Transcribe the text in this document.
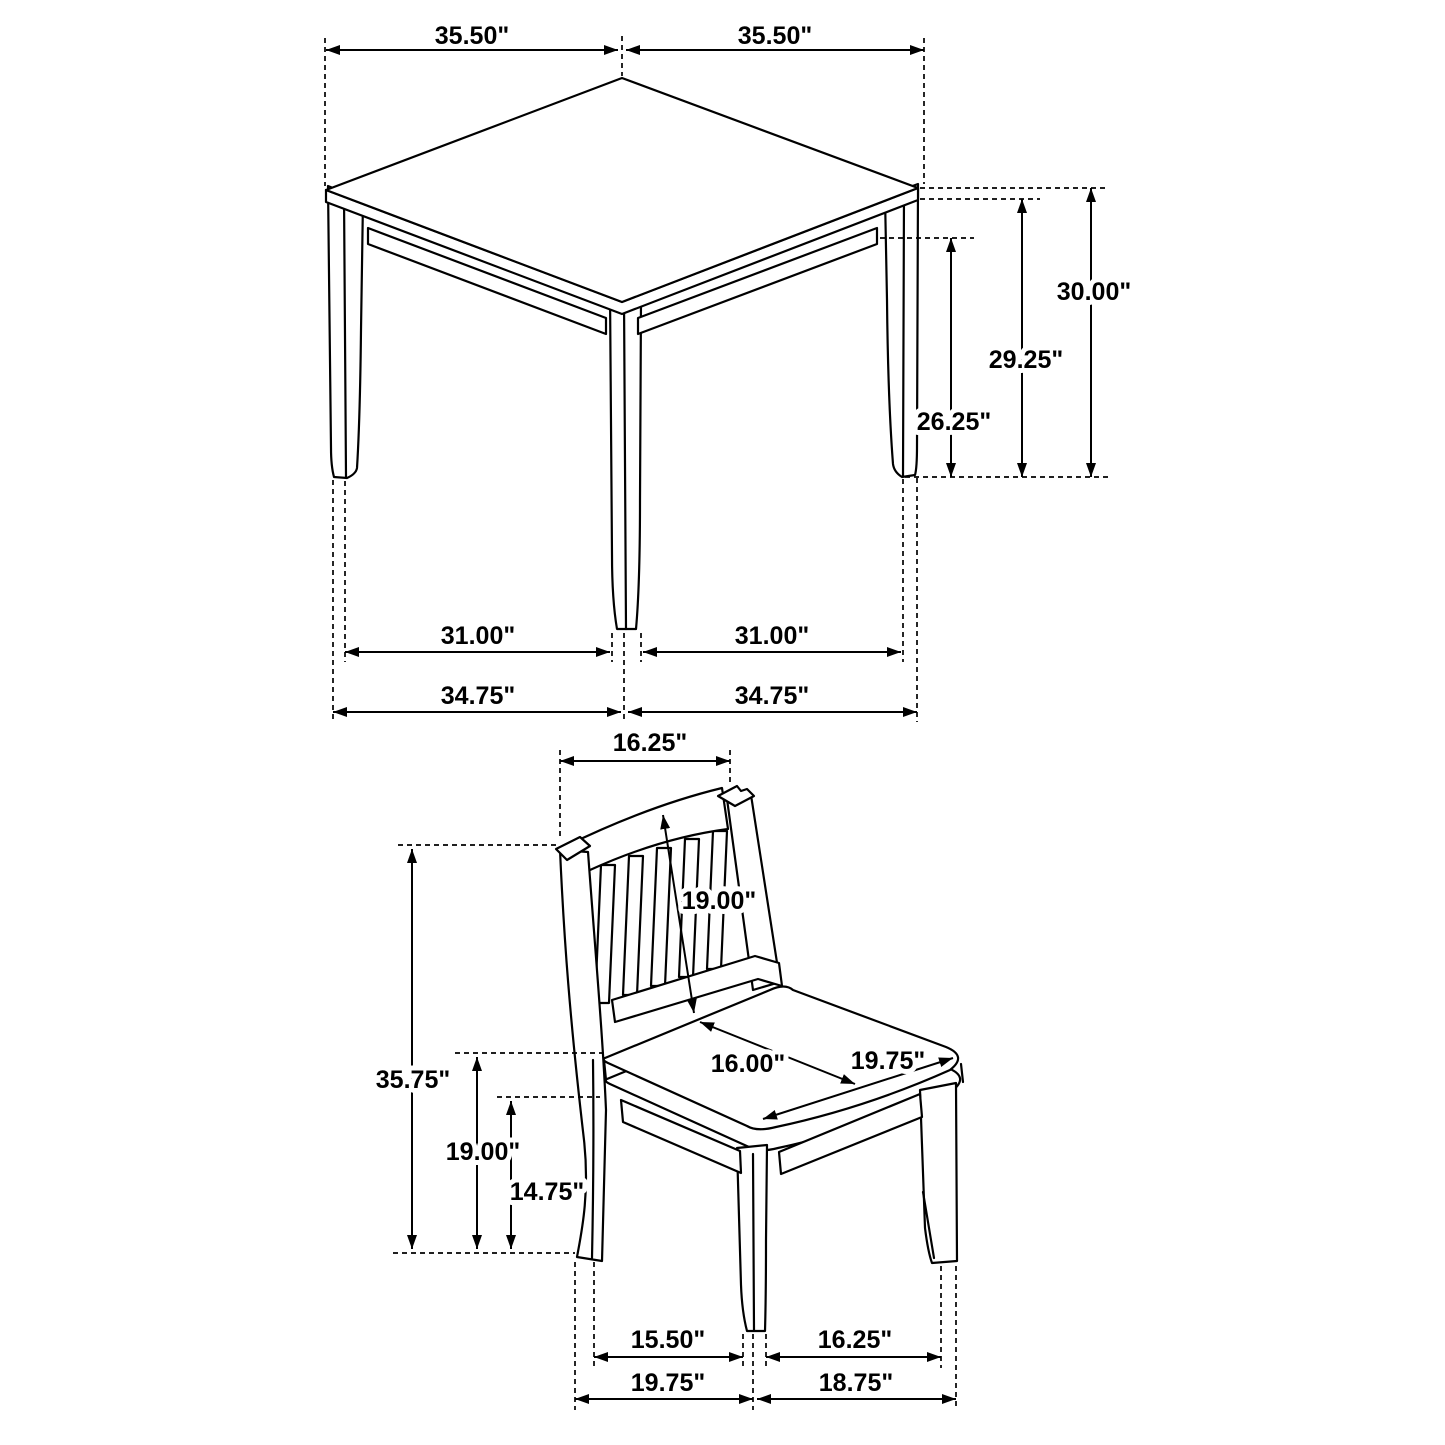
35.50"	35.50"
30.00"
29.25"
26.25"
31.00"	31.00"
34.75"	34.75"
16.25"
35.75"
19.00"
16.00"	19.75"
19.00"
14.75"
15.50"	16.25"
19.75"	18.75"
